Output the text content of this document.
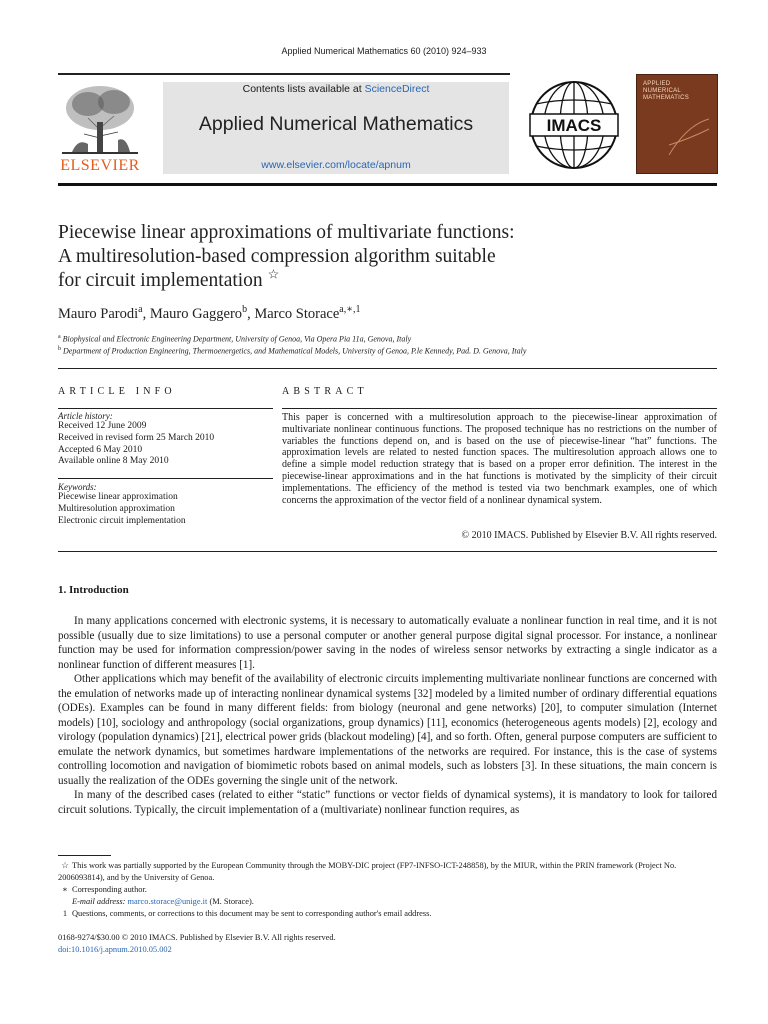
Applied Numerical Mathematics 60 (2010) 924–933
ELSEVIER
Contents lists available at ScienceDirect
Applied Numerical Mathematics
www.elsevier.com/locate/apnum
IMACS
APPLIED
NUMERICAL
MATHEMATICS
Piecewise linear approximations of multivariate functions:
A multiresolution-based compression algorithm suitable
for circuit implementation ☆
Mauro Parodi$^a$, Mauro Gaggero$^b$, Marco Storace$^{a,∗,1}$
$^a$ Biophysical and Electronic Engineering Department, University of Genoa, Via Opera Pia 11a, Genova, Italy
$^b$ Department of Production Engineering, Thermoenergetics, and Mathematical Models, University of Genoa, P.le Kennedy, Pad. D. Genova, Italy
ARTICLE INFO	ABSTRACT
Article history:
Received 12 June 2009
Received in revised form 25 March 2010
Accepted 6 May 2010
Available online 8 May 2010
Keywords:
Piecewise linear approximation
Multiresolution approximation
Electronic circuit implementation
This paper is concerned with a multiresolution approach to the piecewise-linear approximation of multivariate nonlinear continuous functions. The proposed technique has no restrictions on the number of variables the functions depend on, and is based on the use of piecewise-linear “hat” functions. The approximation levels are related to nested function spaces. The multiresolution approach allows one to define a simple model reduction strategy that is based on a proper error definition. The interest in the piecewise-linear approximations and in the hat functions is motivated by the simplicity of their circuit implementations. The efficiency of the method is tested via two benchmark examples, one of which concerns the approximation of the vector field of a nonlinear dynamical system.
© 2010 IMACS. Published by Elsevier B.V. All rights reserved.
1. Introduction

In many applications concerned with electronic systems, it is necessary to automatically evaluate a nonlinear function in real time, and it is not possible (usually due to size limitations) to use a personal computer or another general purpose digital signal processor. For instance, a nonlinear function may be used for information compression/power saving in the nodes of wireless sensor networks by extracting a single indicator as a nonlinear function of different measures [1].

Other applications which may benefit of the availability of electronic circuits implementing multivariate nonlinear functions are concerned with the emulation of networks made up of interacting nonlinear dynamical systems [32] modeled by a limited number of ordinary differential equations (ODEs). Examples can be found in many different fields: from biology (neuronal and gene networks) [20], to computer simulation (Internet models) [10], sociology and anthropology (social organizations, group dynamics) [11], economics (heterogeneous agents models) [2], ecology and virology (population dynamics) [21], electrical power grids (blackout modeling) [4], and so forth. Often, general purpose computers are sufficient to emulate the network dynamics, but sometimes hardware implementations of the networks are required. For instance, this is the case of systems controlling locomotion and navigation of biomimetic robots based on animal models, such as lobsters [3]. In these situations, the main concern is usually the realization of the ODEs governing the single unit of the network.

In many of the described cases (related to either “static” functions or vector fields of dynamical systems), it is mandatory to look for tailored circuit solutions. Typically, the circuit implementation of a (multivariate) nonlinear function requires, as

☆ This work was partially supported by the European Community through the MOBY-DIC project (FP7-INFSO-ICT-248858), by the MIUR, within the PRIN framework (Project No. 2006093814), and by the University of Genoa.
∗ Corresponding author.
E-mail address: marco.storace@unige.it (M. Storace).
1 Questions, comments, or corrections to this document may be sent to corresponding author's email address.
0168-9274/$30.00 © 2010 IMACS. Published by Elsevier B.V. All rights reserved.
doi:10.1016/j.apnum.2010.05.002
